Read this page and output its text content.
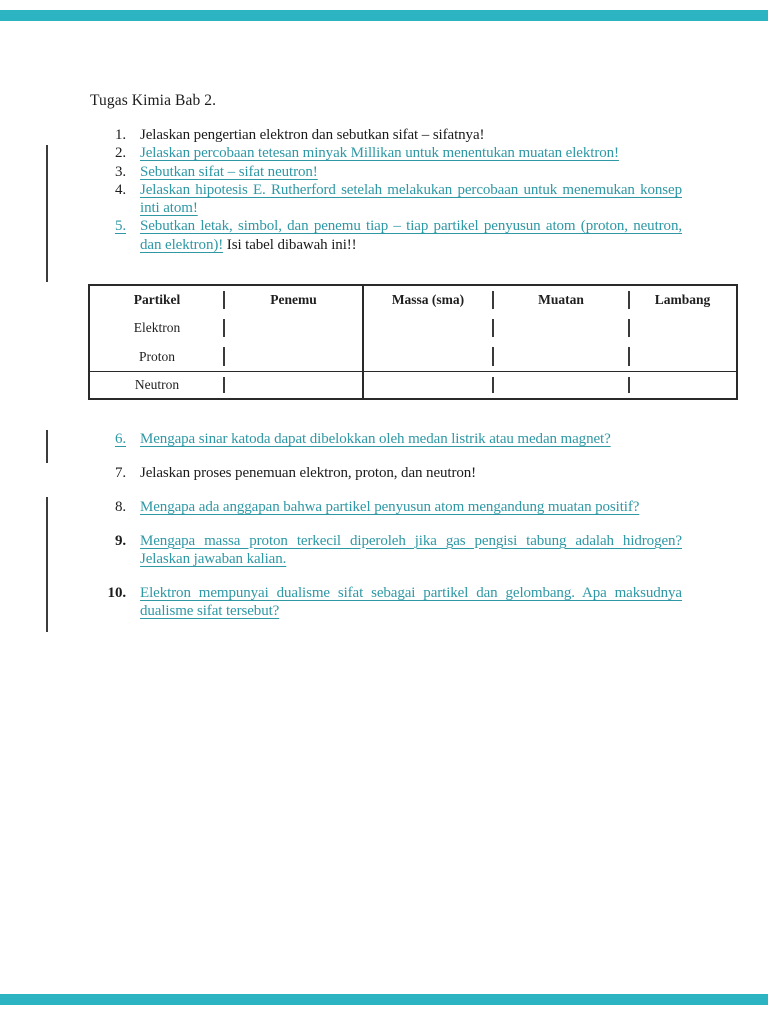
Tugas Kimia Bab 2.
1. Jelaskan pengertian elektron dan sebutkan sifat – sifatnya!
2. Jelaskan percobaan tetesan minyak Millikan untuk menentukan muatan elektron!
3. Sebutkan sifat – sifat neutron!
4. Jelaskan hipotesis E. Rutherford setelah melakukan percobaan untuk menemukan konsep inti atom!
5. Sebutkan letak, simbol, dan penemu tiap – tiap partikel penyusun atom (proton, neutron, dan elektron)! Isi tabel dibawah ini!!
Partikel	Penemu	Massa (sma)	Muatan	Lambang
Elektron
Proton
Neutron
6. Mengapa sinar katoda dapat dibelokkan oleh medan listrik atau medan magnet?
7. Jelaskan proses penemuan elektron, proton, dan neutron!
8. Mengapa ada anggapan bahwa partikel penyusun atom mengandung muatan positif?
9. Mengapa massa proton terkecil diperoleh jika gas pengisi tabung adalah hidrogen? Jelaskan jawaban kalian.
10. Elektron mempunyai dualisme sifat sebagai partikel dan gelombang. Apa maksudnya dualisme sifat tersebut?
